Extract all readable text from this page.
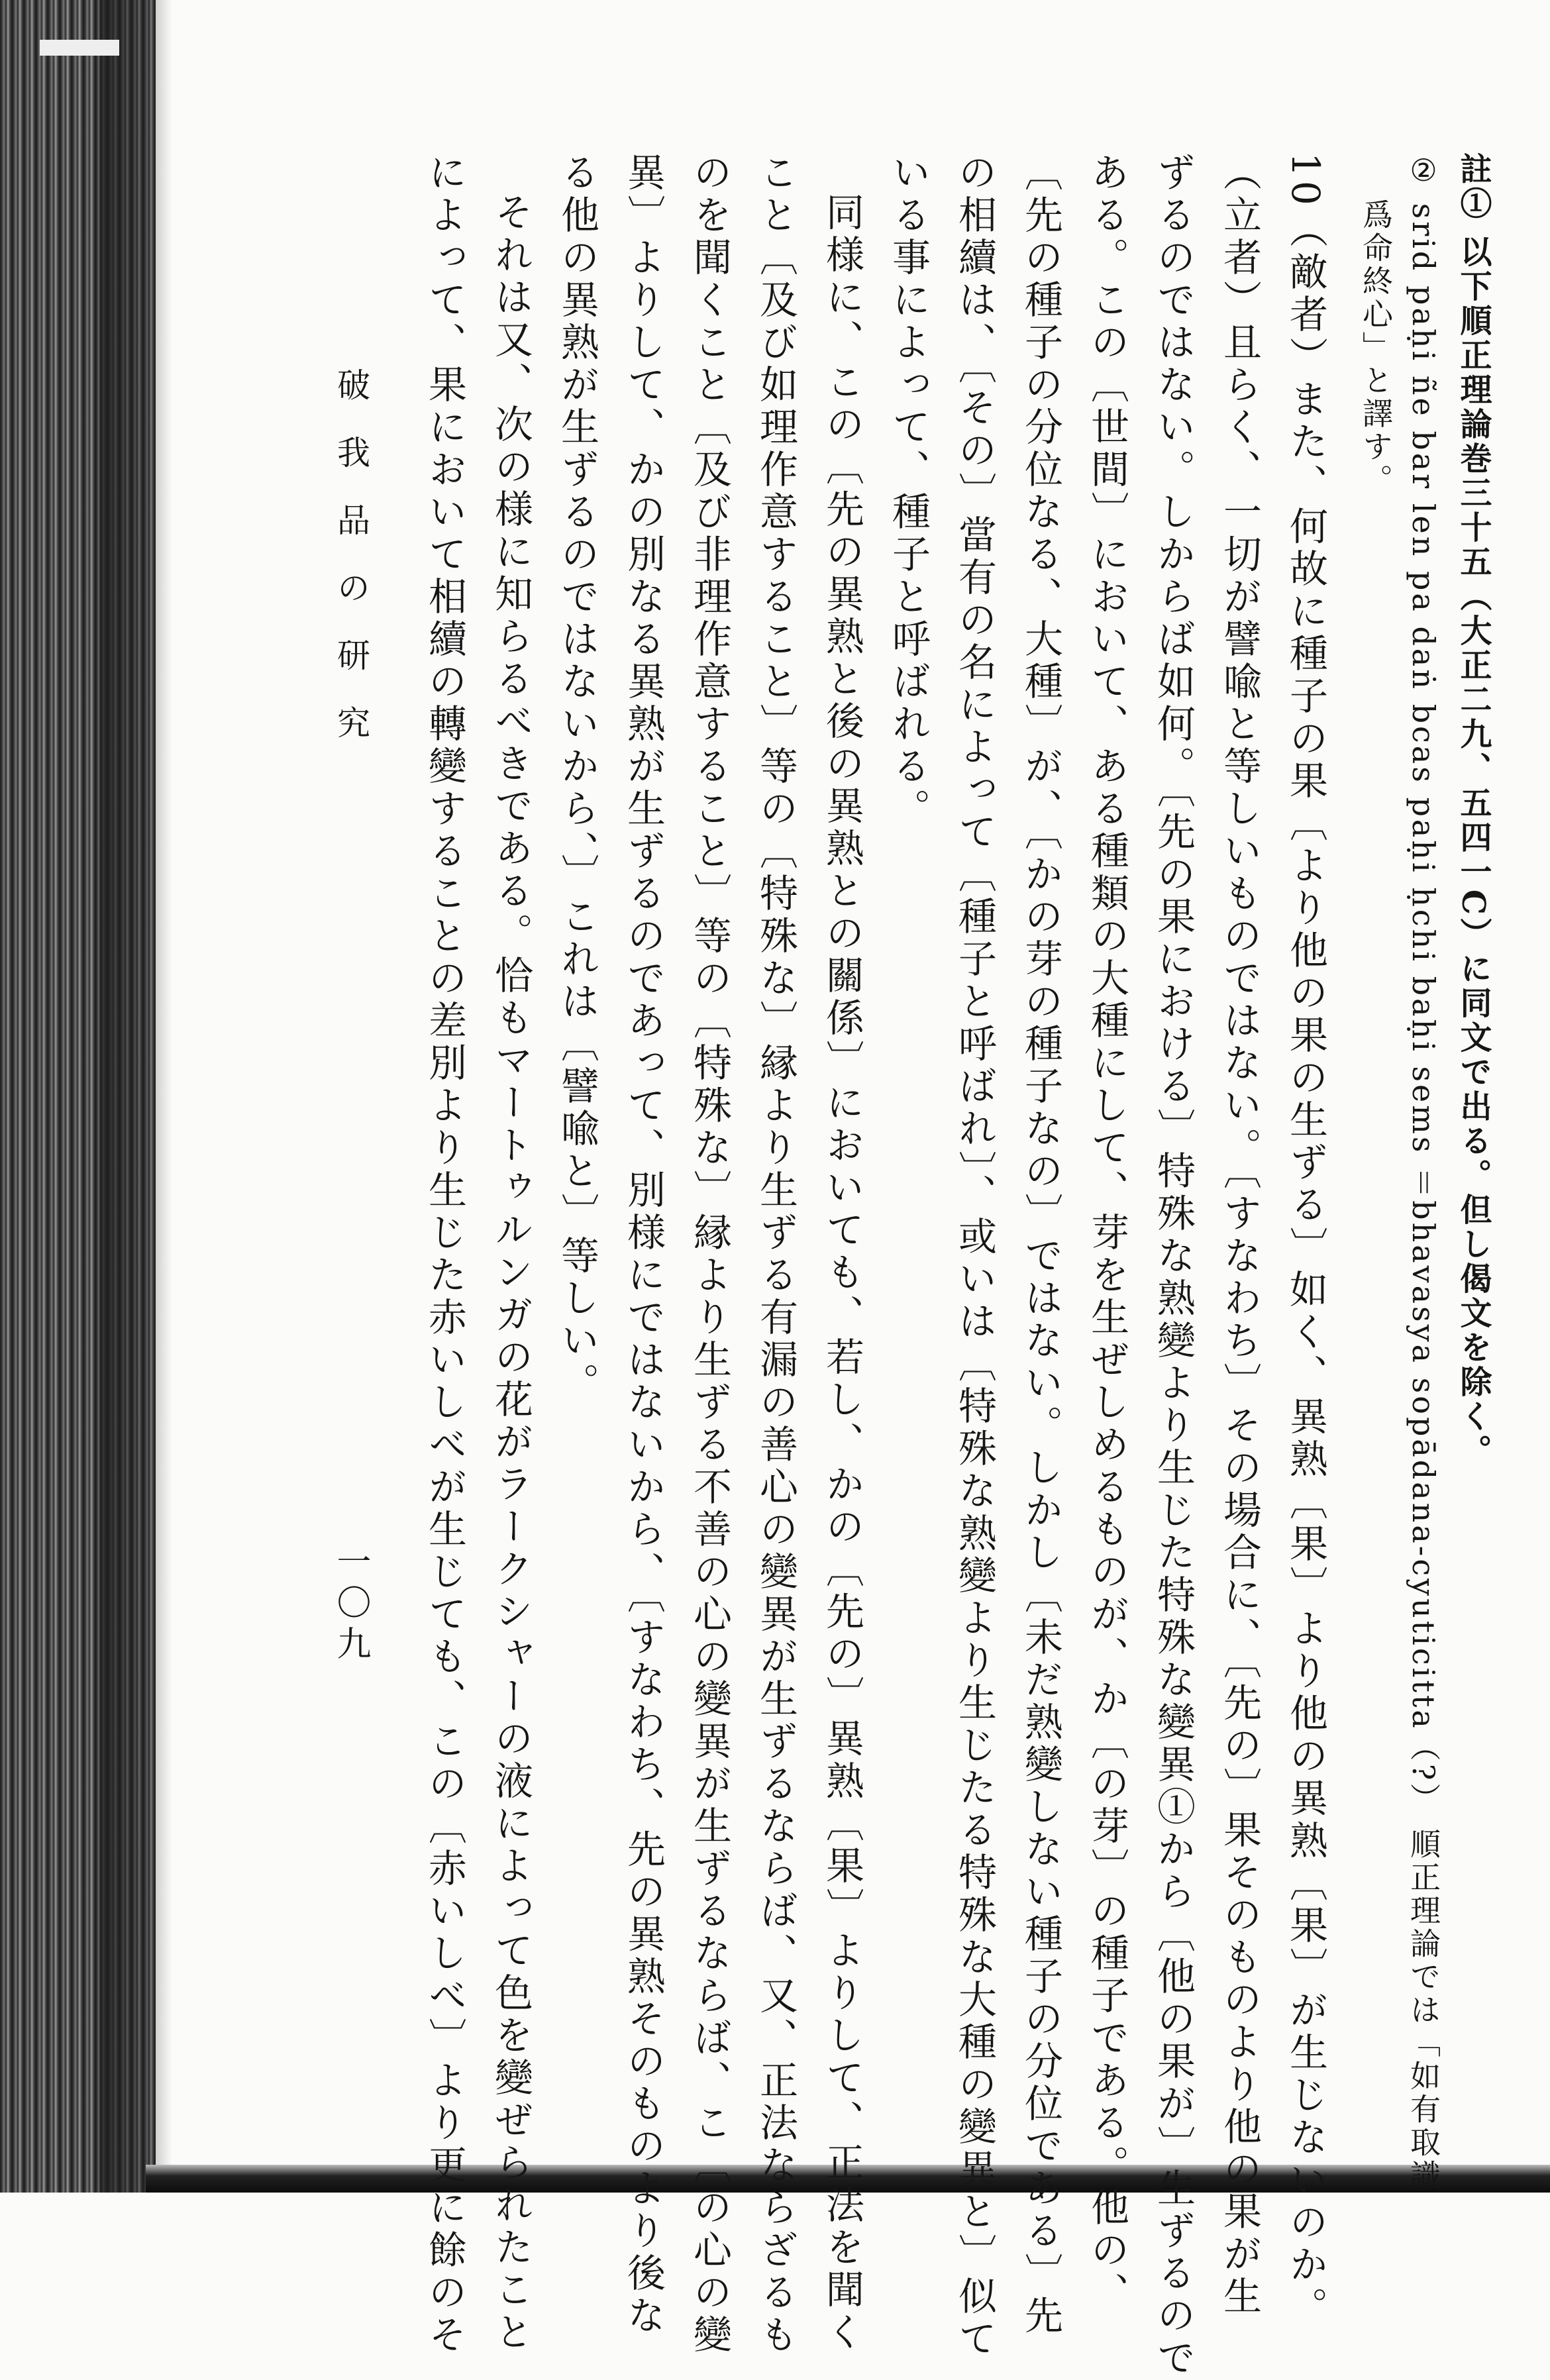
註① 以下順正理論巻三十五（大正二九、五四一C）に同文で出る。但し偈文を除く。
② srid paḥi ñe bar len pa daṅ bcas paḥi ḥchi baḥi sems ＝bhavasya sopādana-cyuticitta（?） 順正理論では「如有取識
爲命終心」と譯す。
10（敵者）また、何故に種子の果〔より他の果の生ずる〕如く、異熟〔果〕より他の異熟〔果〕が生じないのか。
（立者）且らく、一切が譬喩と等しいものではない。〔すなわち〕その場合に、〔先の〕果そのものより他の果が生
ずるのではない。しからば如何。〔先の果における〕特殊な熟變より生じた特殊な變異①から〔他の果が〕生ずるので
ある。この〔世間〕において、ある種類の大種にして、芽を生ぜしめるものが、か〔の芽〕の種子である。他の、
〔先の種子の分位なる、大種〕が、〔かの芽の種子なの〕ではない。しかし〔未だ熟變しない種子の分位である〕先
の相續は、〔その〕當有の名によって〔種子と呼ばれ〕、或いは〔特殊な熟變より生じたる特殊な大種の變異と〕似て
いる事によって、種子と呼ばれる。
同様に、この〔先の異熟と後の異熟との關係〕においても、若し、かの〔先の〕異熟〔果〕よりして、正法を聞く
こと〔及び如理作意すること〕等の〔特殊な〕縁より生ずる有漏の善心の變異が生ずるならば、又、正法ならざるも
のを聞くこと〔及び非理作意すること〕等の〔特殊な〕縁より生ずる不善の心の變異が生ずるならば、こ〔の心の變
異〕よりして、かの別なる異熟が生ずるのであって、別様にではないから、〔すなわち、先の異熟そのものより後な
る他の異熟が生ずるのではないから、〕これは〔譬喩と〕等しい。
それは又、次の様に知らるべきである。恰もマートゥルンガの花がラークシャーの液によって色を變ぜられたこと
によって、果において相續の轉變することの差別より生じた赤いしべが生じても、この〔赤いしべ〕より更に餘のそ
破我品の研究
一〇九
